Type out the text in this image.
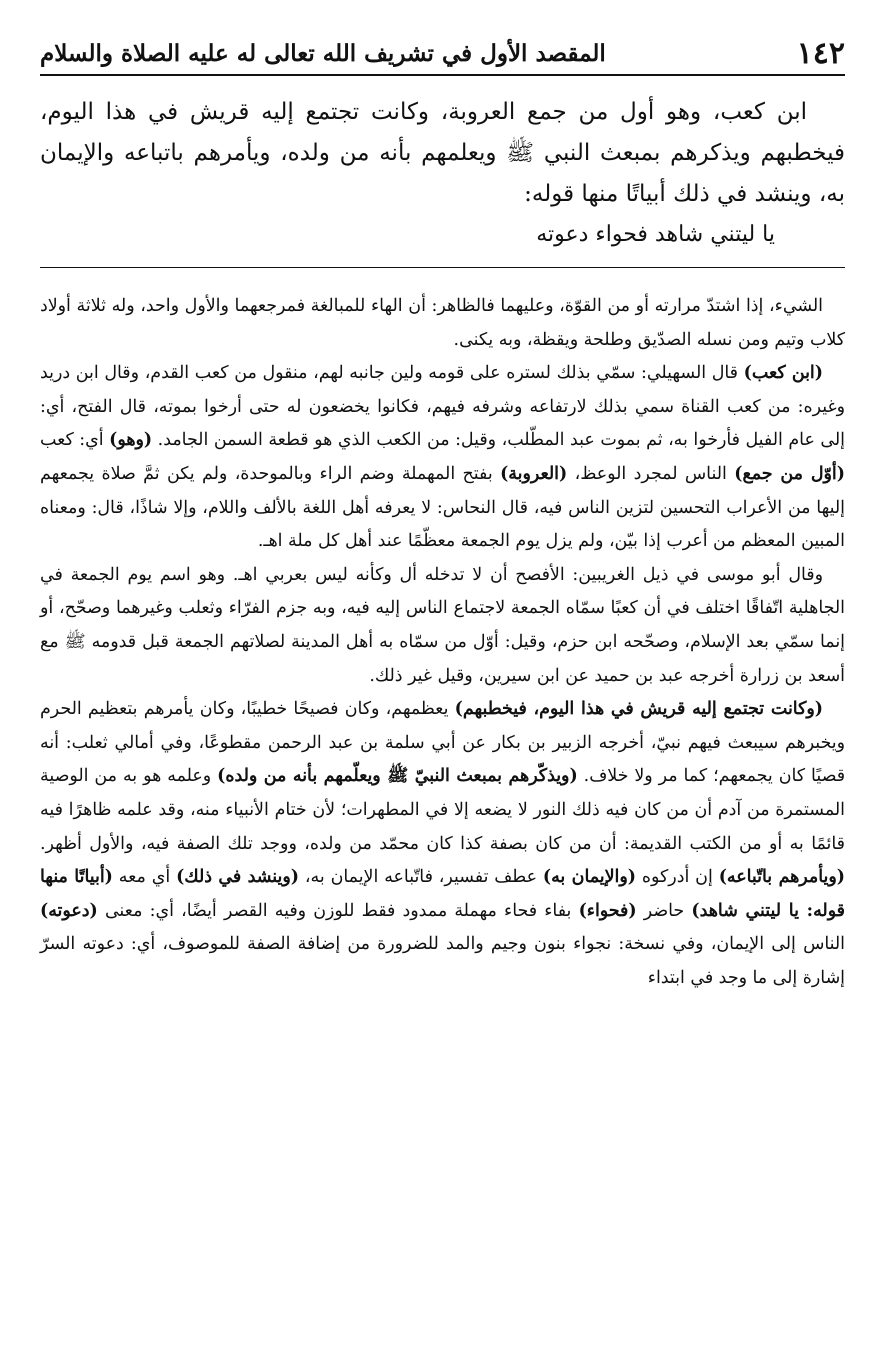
١٤٢
المقصد الأول في تشريف الله تعالى له عليه الصلاة والسلام

ابن كعب، وهو أول من جمع العروبة، وكانت تجتمع إليه قريش في هذا اليوم، فيخطبهم ويذكرهم بمبعث النبي ﷺ ويعلمهم بأنه من ولده، ويأمرهم باتباعه والإيمان به، وينشد في ذلك أبياتًا منها قوله:

يا ليتني شاهد فحواء دعوته

الشيء، إذا اشتدّ مرارته أو من القوّة، وعليهما فالظاهر: أن الهاء للمبالغة فمرجعهما والأول واحد، وله ثلاثة أولاد كلاب وتيم ومن نسله الصدّيق وطلحة ويقظة، وبه يكنى.

(ابن كعب) قال السهيلي: سمّي بذلك لستره على قومه ولين جانبه لهم، منقول من كعب القدم، وقال ابن دريد وغيره: من كعب القناة سمي بذلك لارتفاعه وشرفه فيهم، فكانوا يخضعون له حتى أرخوا بموته، قال الفتح، أي: إلى عام الفيل فأرخوا به، ثم بموت عبد المطّلب، وقيل: من الكعب الذي هو قطعة السمن الجامد. (وهو) أي: كعب (أوّل من جمع) الناس لمجرد الوعظ، (العروبة) بفتح المهملة وضم الراء وبالموحدة، ولم يكن ثمَّ صلاة يجمعهم إليها من الأعراب التحسين لتزين الناس فيه، قال النحاس: لا يعرفه أهل اللغة بالألف واللام، وإلا شاذًا، قال: ومعناه المبين المعظم من أعرب إذا بيّن، ولم يزل يوم الجمعة معظّمًا عند أهل كل ملة اهـ.

وقال أبو موسى في ذيل الغريبين: الأفصح أن لا تدخله أل وكأنه ليس بعربي اهـ. وهو اسم يوم الجمعة في الجاهلية اتّفاقًا اختلف في أن كعبًا سمّاه الجمعة لاجتماع الناس إليه فيه، وبه جزم الفرّاء وثعلب وغيرهما وصحّح، أو إنما سمّي بعد الإسلام، وصحّحه ابن حزم، وقيل: أوّل من سمّاه به أهل المدينة لصلاتهم الجمعة قبل قدومه ﷺ مع أسعد بن زرارة أخرجه عبد بن حميد عن ابن سيرين، وقيل غير ذلك.

(وكانت تجتمع إليه قريش في هذا اليوم، فيخطبهم) يعظمهم، وكان فصيحًا خطيبًا، وكان يأمرهم بتعظيم الحرم ويخبرهم سيبعث فيهم نبيّ، أخرجه الزبير بن بكار عن أبي سلمة بن عبد الرحمن مقطوعًا، وفي أمالي ثعلب: أنه قصيًا كان يجمعهم؛ كما مر ولا خلاف. (ويذكّرهم بمبعث النبيّ ﷺ ويعلّمهم بأنه من ولده) وعلمه هو به من الوصية المستمرة من آدم أن من كان فيه ذلك النور لا يضعه إلا في المطهرات؛ لأن ختام الأنبياء منه، وقد علمه ظاهرًا فيه قائمًا به أو من الكتب القديمة: أن من كان بصفة كذا كان محمّد من ولده، ووجد تلك الصفة فيه، والأول أظهر. (ويأمرهم باتّباعه) إن أدركوه (والإيمان به) عطف تفسير، فاتّباعه الإيمان به، (وينشد في ذلك) أي معه (أبياتًا منها قوله: يا ليتني شاهد) حاضر (فحواء) بفاء فحاء مهملة ممدود فقط للوزن وفيه القصر أيضًا، أي: معنى (دعوته) الناس إلى الإيمان، وفي نسخة: نجواء بنون وجيم والمد للضرورة من إضافة الصفة للموصوف، أي: دعوته السرّ إشارة إلى ما وجد في ابتداء
